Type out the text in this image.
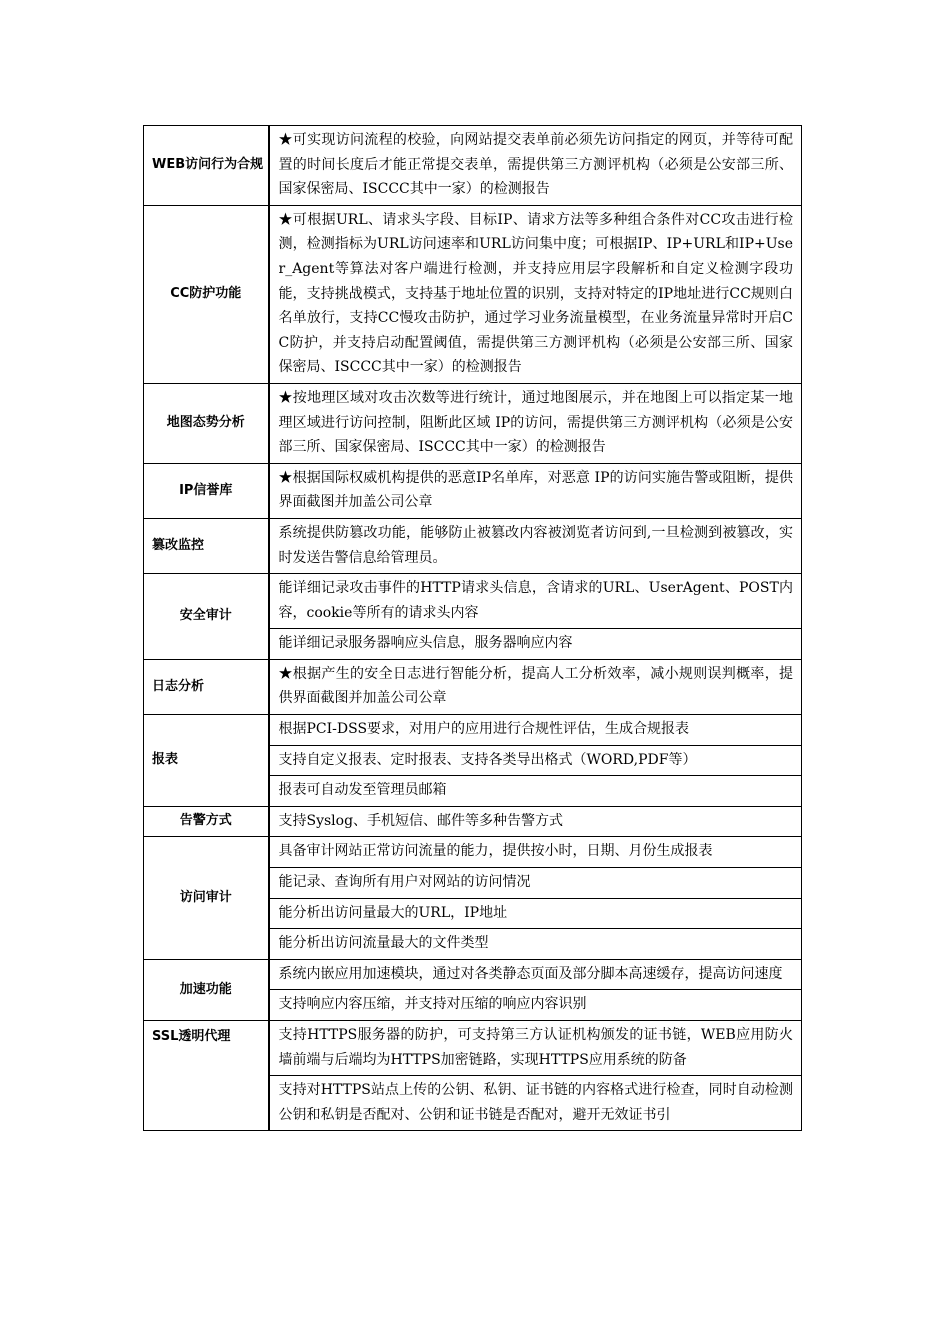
WEB访问行为合规	★可实现访问流程的校验，向网站提交表单前必须先访问指定的网页，并等待可配置的时间长度后才能正常提交表单，需提供第三方测评机构（必须是公安部三所、国家保密局、ISCCC其中一家）的检测报告
CC防护功能	★可根据URL、请求头字段、目标IP、请求方法等多种组合条件对CC攻击进行检测，检测指标为URL访问速率和URL访问集中度；可根据IP、IP+URL和IP+User_Agent等算法对客户端进行检测，并支持应用层字段解析和自定义检测字段功能，支持挑战模式，支持基于地址位置的识别，支持对特定的IP地址进行CC规则白名单放行，支持CC慢攻击防护，通过学习业务流量模型，在业务流量异常时开启CC防护，并支持启动配置阈值，需提供第三方测评机构（必须是公安部三所、国家保密局、ISCCC其中一家）的检测报告
地图态势分析	★按地理区域对攻击次数等进行统计，通过地图展示，并在地图上可以指定某一地理区域进行访问控制，阻断此区域 IP的访问，需提供第三方测评机构（必须是公安部三所、国家保密局、ISCCC其中一家）的检测报告
IP信誉库	★根据国际权威机构提供的恶意IP名单库，对恶意 IP的访问实施告警或阻断，提供界面截图并加盖公司公章
篡改监控	系统提供防篡改功能，能够防止被篡改内容被浏览者访问到,一旦检测到被篡改，实时发送告警信息给管理员。
安全审计	能详细记录攻击事件的HTTP请求头信息，含请求的URL、UserAgent、POST内容，cookie等所有的请求头内容
	能详细记录服务器响应头信息，服务器响应内容
日志分析	★根据产生的安全日志进行智能分析，提高人工分析效率，减小规则误判概率，提供界面截图并加盖公司公章
报表	根据PCI-DSS要求，对用户的应用进行合规性评估，生成合规报表
	支持自定义报表、定时报表、支持各类导出格式（WORD,PDF等）
	报表可自动发至管理员邮箱
告警方式	支持Syslog、手机短信、邮件等多种告警方式
访问审计	具备审计网站正常访问流量的能力，提供按小时，日期、月份生成报表
	能记录、查询所有用户对网站的访问情况
	能分析出访问量最大的URL，IP地址
	能分析出访问流量最大的文件类型
加速功能	系统内嵌应用加速模块，通过对各类静态页面及部分脚本高速缓存，提高访问速度
	支持响应内容压缩，并支持对压缩的响应内容识别
SSL透明代理	支持HTTPS服务器的防护，可支持第三方认证机构颁发的证书链，WEB应用防火墙前端与后端均为HTTPS加密链路，实现HTTPS应用系统的防备
	支持对HTTPS站点上传的公钥、私钥、证书链的内容格式进行检查，同时自动检测公钥和私钥是否配对、公钥和证书链是否配对，避开无效证书引
